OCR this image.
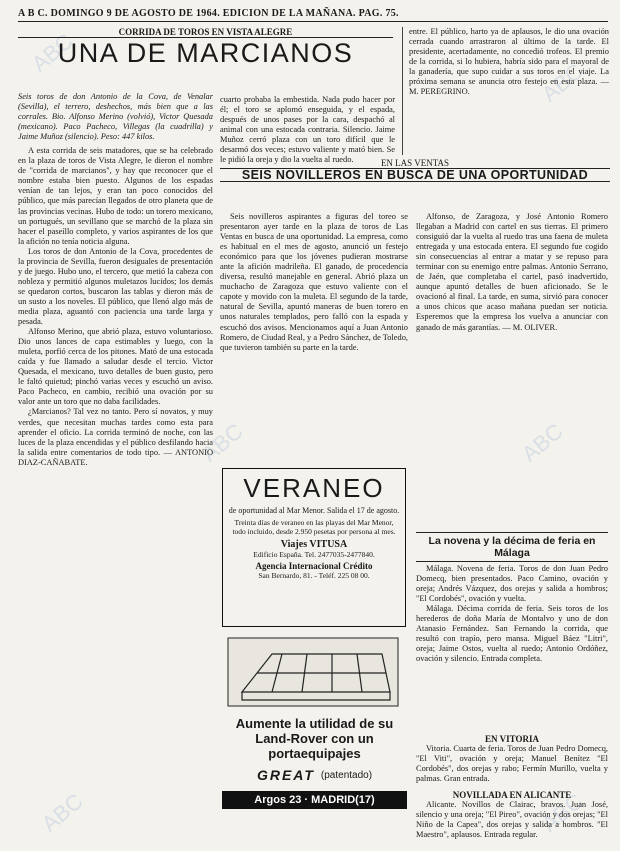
ABC
ABC
ABC	ABC
ABC	ABC
A B C. DOMINGO 9 DE AGOSTO DE 1964. EDICION DE LA MAÑANA. PAG. 75.
CORRIDA DE TOROS EN VISTA ALEGRE
UNA DE MARCIANOS

Seis toros de don Antonio de la Cova, de Venalar (Sevilla), el terrero, deshechos, más bien que a las corrales. Bio. Alfonso Merino (volvió), Victor Quesada (mexicano). Paco Pacheco, Villegas (la cuadrilla) y Jaime Muñoz (silencio). Peso: 447 kilos.

A esta corrida de seis matadores, que se ha celebrado en la plaza de toros de Vista Alegre, le dieron el nombre de "corrida de marcianos", y hay que reconocer que el nombre estaba bien puesto. Algunos de los espadas venían de tan lejos, y eran tan poco conocidos del público, que más parecían llegados de otro planeta que de las provincias vecinas. Hubo de todo: un torero mexicano, un portugués, un sevillano que se marchó de la plaza sin hacer el paseíllo completo, y varios aspirantes de los que la afición no tenía noticia alguna.

Los toros de don Antonio de la Cova, procedentes de la provincia de Sevilla, fueron desiguales de presentación y de juego. Hubo uno, el tercero, que metió la cabeza con nobleza y permitió algunos muletazos lucidos; los demás se quedaron cortos, buscaron las tablas y dieron más de un susto a los noveles. El público, que llenó algo más de media plaza, aguantó con paciencia una tarde larga y pesada.

Alfonso Merino, que abrió plaza, estuvo voluntarioso. Dio unos lances de capa estimables y luego, con la muleta, porfió cerca de los pitones. Mató de una estocada caída y fue llamado a saludar desde el tercio. Victor Quesada, el mexicano, tuvo detalles de buen gusto, pero le faltó quietud; pinchó varias veces y escuchó un aviso. Paco Pacheco, en cambio, recibió una ovación por su valor ante un toro que no daba facilidades.

¿Marcianos? Tal vez no tanto. Pero sí novatos, y muy verdes, que necesitan muchas tardes como esta para aprender el oficio. La corrida terminó de noche, con las luces de la plaza encendidas y el público desfilando hacia la salida entre comentarios de todo tipo. — ANTONIO DIAZ-CAÑABATE.

cuarto probaba la embestida. Nada pudo hacer por él; el toro se aplomó enseguida, y el espada, después de unos pases por la cara, despachó al animal con una estocada contraria. Silencio. Jaime Muñoz cerró plaza con un toro difícil que le desarmó dos veces; estuvo valiente y mató bien. Se le pidió la oreja y dio la vuelta al ruedo.

entre. El público, harto ya de aplausos, le dio una ovación cerrada cuando arrastraron al último de la tarde. El presidente, acertadamente, no concedió trofeos. El premio de la corrida, si lo hubiera, habría sido para el mayoral de la ganadería, que supo cuidar a sus toros en el viaje. La próxima semana se anuncia otro festejo en esta plaza. — M. PEREGRINO.

EN LAS VENTAS
SEIS NOVILLEROS EN BUSCA DE UNA OPORTUNIDAD

Seis novilleros aspirantes a figuras del toreo se presentaron ayer tarde en la plaza de toros de Las Ventas en busca de una oportunidad. La empresa, como es habitual en el mes de agosto, anunció un festejo económico para que los jóvenes pudieran mostrarse ante la afición madrileña. El ganado, de procedencia diversa, resultó manejable en general. Abrió plaza un muchacho de Zaragoza que estuvo valiente con el capote y movido con la muleta. El segundo de la tarde, natural de Sevilla, apuntó maneras de buen torero en unos naturales templados, pero falló con la espada y escuchó dos avisos. Mencionamos aquí a Juan Antonio Romero, de Ciudad Real, y a Pedro Sánchez, de Toledo, que tuvieron también su parte en la tarde.

Alfonso, de Zaragoza, y José Antonio Romero llegaban a Madrid con cartel en sus tierras. El primero consiguió dar la vuelta al ruedo tras una faena de muleta entregada y una estocada entera. El segundo fue cogido sin consecuencias al entrar a matar y se repuso para terminar con su enemigo entre palmas. Antonio Serrano, de Jaén, que completaba el cartel, pasó inadvertido, aunque apuntó detalles de buen aficionado. Se le ovacionó al final. La tarde, en suma, sirvió para conocer a unos chicos que acaso mañana puedan ser noticia. Esperemos que la empresa los vuelva a anunciar con ganado de más garantías. — M. OLIVER.

VERANEO
de oportunidad al Mar Menor. Salida el 17 de agosto.
Treinta días de veraneo en las playas del Mar Menor, todo incluido, desde 2.950 pesetas por persona al mes.
Viajes VITUSA
Edificio España. Tel. 2477035-2477840.
Agencia Internacional Crédito
San Bernardo, 81. - Teléf. 225 08 00.
Aumente la utilidad de su Land-Rover con un portaequipajes
GREAT (patentado)
Argos 23 · MADRID(17)
La novena y la décima de feria en Málaga

Málaga. Novena de feria. Toros de don Juan Pedro Domecq, bien presentados. Paco Camino, ovación y oreja; Andrés Vázquez, dos orejas y salida a hombros; "El Cordobés", ovación y vuelta.

Málaga. Décima corrida de feria. Seis toros de los herederos de doña María de Montalvo y uno de don Atanasio Fernández. San Fernando la corrida, que resultó con trapío, pero mansa. Miguel Báez "Litri", oreja; Jaime Ostos, vuelta al ruedo; Antonio Ordóñez, ovación y silencio. Entrada completa.

EN VITORIA

Vitoria. Cuarta de feria. Toros de Juan Pedro Domecq, "El Viti", ovación y oreja; Manuel Benítez "El Cordobés", dos orejas y rabo; Fermín Murillo, vuelta y palmas. Gran entrada.

NOVILLADA EN ALICANTE

Alicante. Novillos de Clairac, bravos. Juan José, silencio y una oreja; "El Pireo", ovación y dos orejas; "El Niño de la Capea", dos orejas y salida a hombros. "El Maestro", aplausos. Entrada regular.
